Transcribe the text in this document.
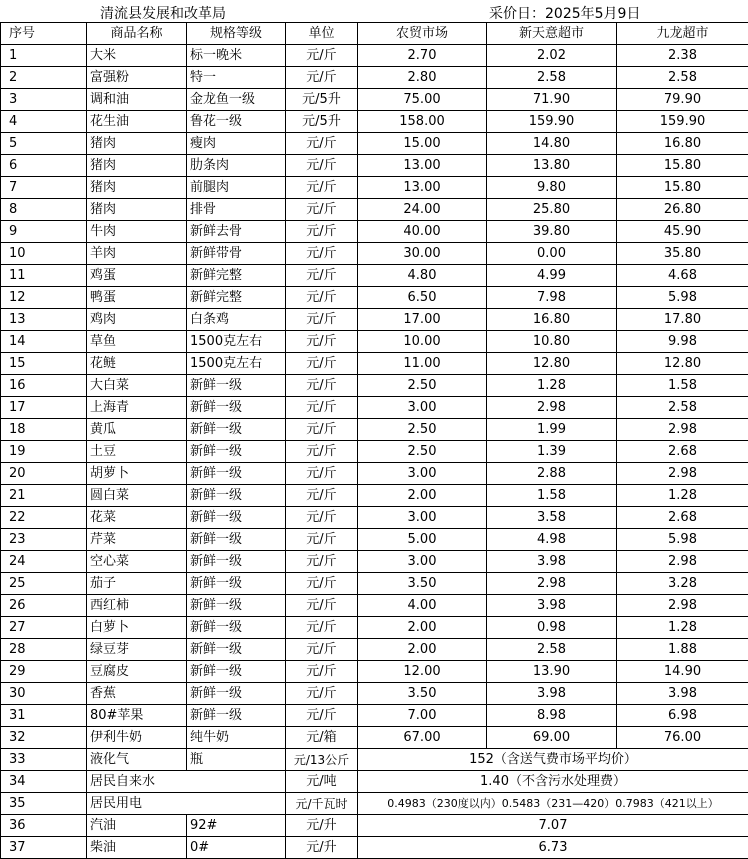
清流县发展和改革局	采价日：2025年5月9日
序号	商品名称	规格等级	单位	农贸市场	新天意超市	九龙超市
1	大米	标一晚米	元/斤	2.70	2.02	2.38
2	富强粉	特一	元/斤	2.80	2.58	2.58
3	调和油	金龙鱼一级	元/5升	75.00	71.90	79.90
4	花生油	鲁花一级	元/5升	158.00	159.90	159.90
5	猪肉	瘦肉	元/斤	15.00	14.80	16.80
6	猪肉	肋条肉	元/斤	13.00	13.80	15.80
7	猪肉	前腿肉	元/斤	13.00	9.80	15.80
8	猪肉	排骨	元/斤	24.00	25.80	26.80
9	牛肉	新鲜去骨	元/斤	40.00	39.80	45.90
10	羊肉	新鲜带骨	元/斤	30.00	0.00	35.80
11	鸡蛋	新鲜完整	元/斤	4.80	4.99	4.68
12	鸭蛋	新鲜完整	元/斤	6.50	7.98	5.98
13	鸡肉	白条鸡	元/斤	17.00	16.80	17.80
14	草鱼	1500克左右	元/斤	10.00	10.80	9.98
15	花鲢	1500克左右	元/斤	11.00	12.80	12.80
16	大白菜	新鲜一级	元/斤	2.50	1.28	1.58
17	上海青	新鲜一级	元/斤	3.00	2.98	2.58
18	黄瓜	新鲜一级	元/斤	2.50	1.99	2.98
19	土豆	新鲜一级	元/斤	2.50	1.39	2.68
20	胡萝卜	新鲜一级	元/斤	3.00	2.88	2.98
21	圆白菜	新鲜一级	元/斤	2.00	1.58	1.28
22	花菜	新鲜一级	元/斤	3.00	3.58	2.68
23	芹菜	新鲜一级	元/斤	5.00	4.98	5.98
24	空心菜	新鲜一级	元/斤	3.00	3.98	2.98
25	茄子	新鲜一级	元/斤	3.50	2.98	3.28
26	西红柿	新鲜一级	元/斤	4.00	3.98	2.98
27	白萝卜	新鲜一级	元/斤	2.00	0.98	1.28
28	绿豆芽	新鲜一级	元/斤	2.00	2.58	1.88
29	豆腐皮	新鲜一级	元/斤	12.00	13.90	14.90
30	香蕉	新鲜一级	元/斤	3.50	3.98	3.98
31	80#苹果	新鲜一级	元/斤	7.00	8.98	6.98
32	伊利牛奶	纯牛奶	元/箱	67.00	69.00	76.00
33	液化气	瓶	元/13公斤	152（含送气费市场平均价）		
34	居民自来水		元/吨	1.40（不含污水处理费）		
35	居民用电		元/千瓦时	0.4983（230度以内）0.5483（231—420）0.7983（421以上）		
36	汽油	92#	元/升	7.07		
37	柴油	0#	元/升	6.73		
